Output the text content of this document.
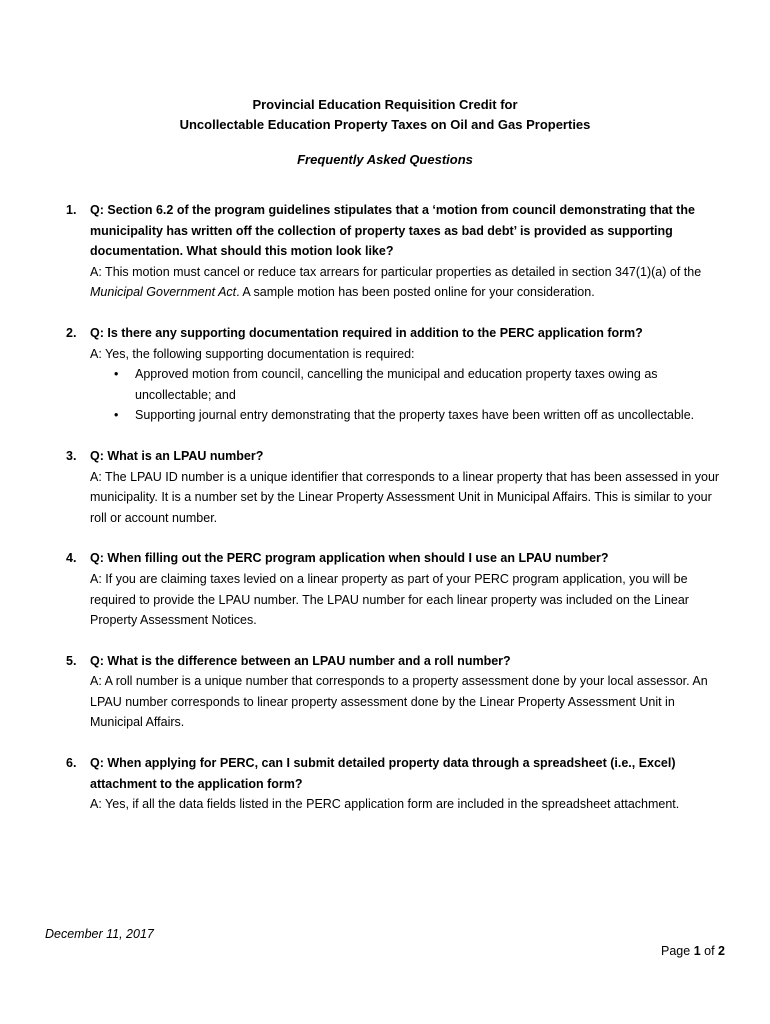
Provincial Education Requisition Credit for
Uncollectable Education Property Taxes on Oil and Gas Properties
Frequently Asked Questions
1. Q: Section 6.2 of the program guidelines stipulates that a ‘motion from council demonstrating that the municipality has written off the collection of property taxes as bad debt’ is provided as supporting documentation. What should this motion look like?
A: This motion must cancel or reduce tax arrears for particular properties as detailed in section 347(1)(a) of the Municipal Government Act. A sample motion has been posted online for your consideration.
2. Q: Is there any supporting documentation required in addition to the PERC application form?
A: Yes, the following supporting documentation is required:
• Approved motion from council, cancelling the municipal and education property taxes owing as uncollectable; and
• Supporting journal entry demonstrating that the property taxes have been written off as uncollectable.
3. Q: What is an LPAU number?
A: The LPAU ID number is a unique identifier that corresponds to a linear property that has been assessed in your municipality. It is a number set by the Linear Property Assessment Unit in Municipal Affairs. This is similar to your roll or account number.
4. Q: When filling out the PERC program application when should I use an LPAU number?
A: If you are claiming taxes levied on a linear property as part of your PERC program application, you will be required to provide the LPAU number. The LPAU number for each linear property was included on the Linear Property Assessment Notices.
5. Q: What is the difference between an LPAU number and a roll number?
A: A roll number is a unique number that corresponds to a property assessment done by your local assessor. An LPAU number corresponds to linear property assessment done by the Linear Property Assessment Unit in Municipal Affairs.
6. Q: When applying for PERC, can I submit detailed property data through a spreadsheet (i.e., Excel) attachment to the application form?
A: Yes, if all the data fields listed in the PERC application form are included in the spreadsheet attachment.
December 11, 2017
Page 1 of 2
